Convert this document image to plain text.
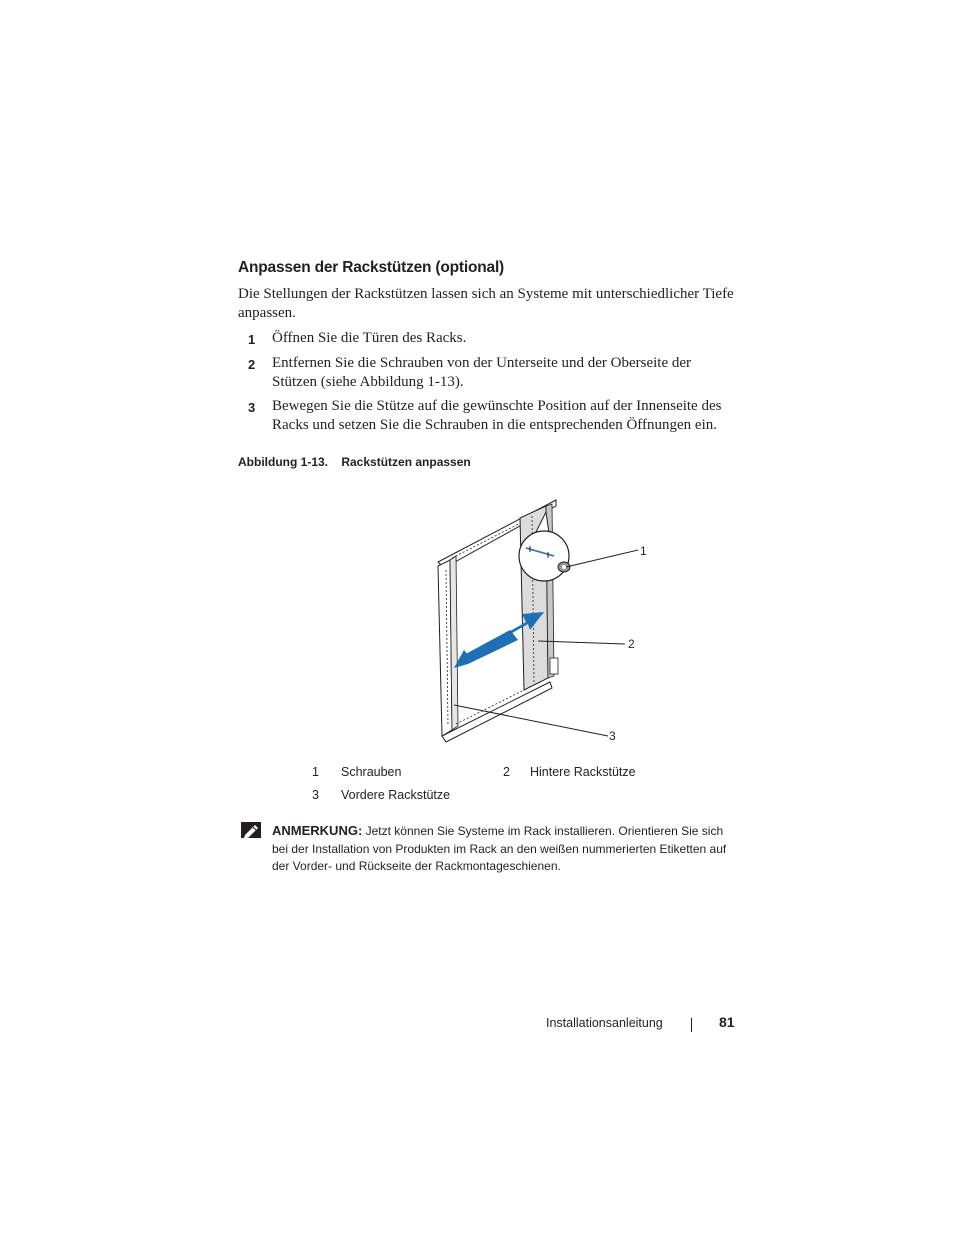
Anpassen der Rackstützen (optional)
Die Stellungen der Rackstützen lassen sich an Systeme mit unterschiedlicher Tiefe anpassen.
1 Öffnen Sie die Türen des Racks.
2 Entfernen Sie die Schrauben von der Unterseite und der Oberseite der Stützen (siehe Abbildung 1-13).
3 Bewegen Sie die Stütze auf die gewünschte Position auf der Innenseite des Racks und setzen Sie die Schrauben in die entsprechenden Öffnungen ein.
Abbildung 1-13.    Rackstützen anpassen
1
2
3
1 Schrauben	2 Hintere Rackstütze
3 Vordere Rackstütze
ANMERKUNG: Jetzt können Sie Systeme im Rack installieren. Orientieren Sie sich bei der Installation von Produkten im Rack an den weißen nummerierten Etiketten auf der Vorder- und Rückseite der Rackmontageschienen.
Installationsanleitung	81
